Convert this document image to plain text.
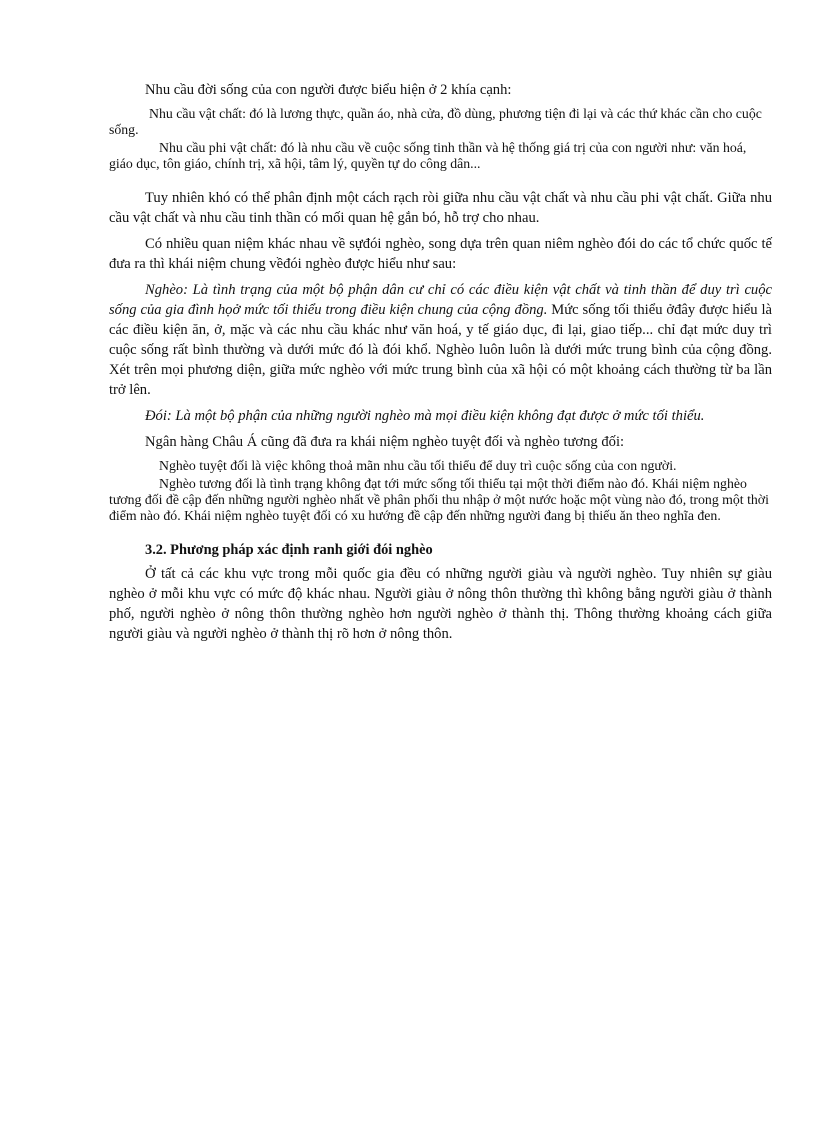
Nhu cầu đời sống của con người được biểu hiện ở 2 khía cạnh:

Nhu cầu vật chất: đó là lương thực, quần áo, nhà cửa, đồ dùng, phương tiện đi lại và các thứ khác cần cho cuộc sống.

Nhu cầu phi vật chất: đó là nhu cầu về cuộc sống tinh thần và hệ thống giá trị của con người như: văn hoá, giáo dục, tôn giáo, chính trị, xã hội, tâm lý, quyền tự do công dân...

Tuy nhiên khó có thể phân định một cách rạch ròi giữa nhu cầu vật chất và nhu cầu phi vật chất. Giữa nhu cầu vật chất và nhu cầu tinh thần có mối quan hệ gắn bó, hỗ trợ cho nhau.

Có nhiều quan niệm khác nhau về sựđói nghèo, song dựa trên quan niêm nghèo đói do các tổ chức quốc tế đưa ra thì khái niệm chung vềđói nghèo được hiểu như sau:

Nghèo: Là tình trạng của một bộ phận dân cư chỉ có các điều kiện vật chất và tinh thần để duy trì cuộc sống của gia đình họở mức tối thiểu trong điều kiện chung của cộng đồng. Mức sống tối thiểu ởđây được hiểu là các điều kiện ăn, ở, mặc và các nhu cầu khác như văn hoá, y tế giáo dục, đi lại, giao tiếp... chỉ đạt mức duy trì cuộc sống rất bình thường và dưới mức đó là đói khổ. Nghèo luôn luôn là dưới mức trung bình của cộng đồng. Xét trên mọi phương diện, giữa mức nghèo với mức trung bình của xã hội có một khoảng cách thường từ ba lần trở lên.

Đói: Là một bộ phận của những người nghèo mà mọi điều kiện không đạt được ở mức tối thiểu.

Ngân hàng Châu Á cũng đã đưa ra khái niệm nghèo tuyệt đối và nghèo tương đối:

Nghèo tuyệt đối là việc không thoả mãn nhu cầu tối thiểu để duy trì cuộc sống của con người.

Nghèo tương đối là tình trạng không đạt tới mức sống tối thiểu tại một thời điểm nào đó. Khái niệm nghèo tương đối đề cập đến những người nghèo nhất về phân phối thu nhập ở một nước hoặc một vùng nào đó, trong một thời điểm nào đó. Khái niệm nghèo tuyệt đối có xu hướng đề cập đến những người đang bị thiếu ăn theo nghĩa đen.

3.2. Phương pháp xác định ranh giới đói nghèo

Ở tất cả các khu vực trong mỗi quốc gia đều có những người giàu và người nghèo. Tuy nhiên sự giàu nghèo ở mỗi khu vực có mức độ khác nhau. Người giàu ở nông thôn thường thì không bằng người giàu ở thành phố, người nghèo ở nông thôn thường nghèo hơn người nghèo ở thành thị. Thông thường khoảng cách giữa người giàu và người nghèo ở thành thị rõ hơn ở nông thôn.
